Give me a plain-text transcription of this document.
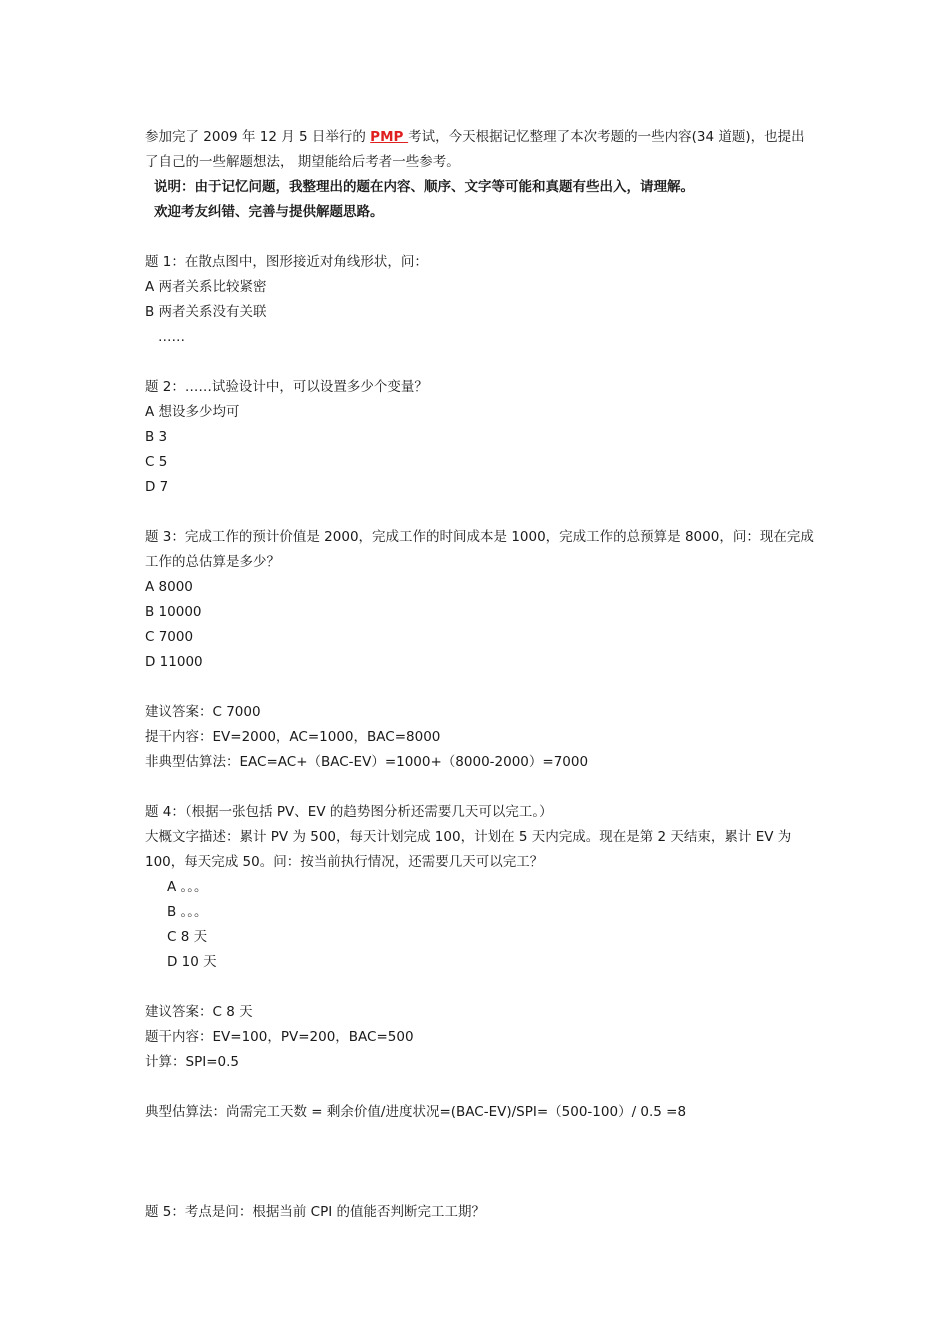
参加完了 2009 年 12 月 5 日举行的 PMP 考试，今天根据记忆整理了本次考题的一些内容(34 道题)，也提出了自己的一些解题想法， 期望能给后考者一些参考。
说明：由于记忆问题，我整理出的题在内容、顺序、文字等可能和真题有些出入，请理解。
欢迎考友纠错、完善与提供解题思路。
题 1：在散点图中，图形接近对角线形状，问：
A 两者关系比较紧密
B 两者关系没有关联
……
题 2：……试验设计中，可以设置多少个变量？
A 想设多少均可
B 3
C 5
D 7
题 3：完成工作的预计价值是 2000，完成工作的时间成本是 1000，完成工作的总预算是 8000，问：现在完成工作的总估算是多少？
A 8000
B 10000
C 7000
D 11000
建议答案：C 7000
提干内容：EV=2000，AC=1000，BAC=8000
非典型估算法：EAC=AC+（BAC-EV）=1000+（8000-2000）=7000
题 4：（根据一张包括 PV、EV 的趋势图分析还需要几天可以完工。）
大概文字描述：累计 PV 为 500，每天计划完成 100，计划在 5 天内完成。现在是第 2 天结束，累计 EV 为 100，每天完成 50。问：按当前执行情况，还需要几天可以完工？
A 。。。
B 。。。
C 8 天
D 10 天
建议答案：C 8 天
题干内容：EV=100，PV=200，BAC=500
计算：SPI=0.5
典型估算法：尚需完工天数 = 剩余价值/进度状况=(BAC-EV)/SPI=（500-100）/ 0.5 =8
题 5：考点是问：根据当前 CPI 的值能否判断完工工期？
